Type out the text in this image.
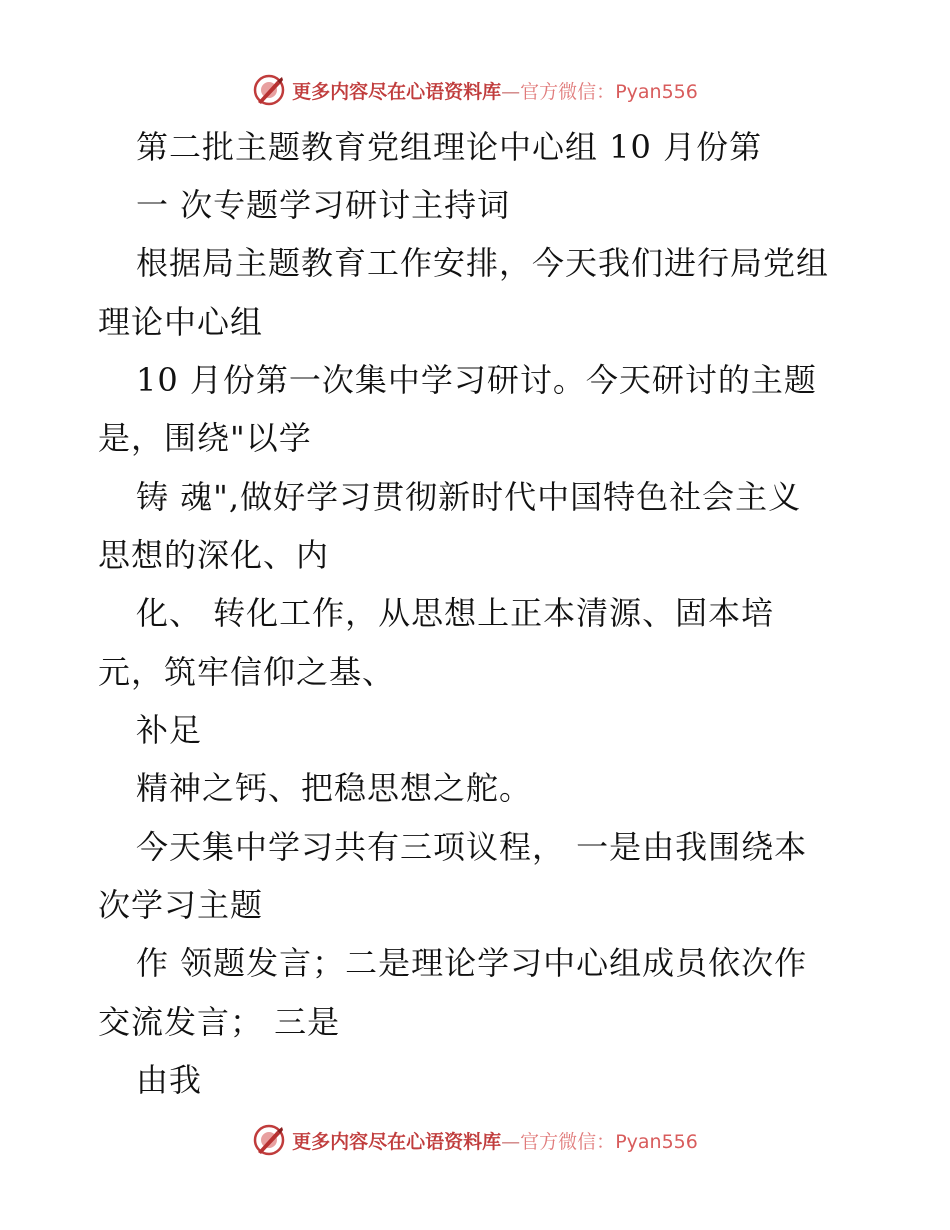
更多内容尽在心语资料库—官方微信：Pyan556
第二批主题教育党组理论中心组 10 月份第
一 次专题学习研讨主持词
根据局主题教育工作安排，今天我们进行局党组
理论中心组
10 月份第一次集中学习研讨。今天研讨的主题
是，围绕"以学
铸 魂",做好学习贯彻新时代中国特色社会主义
思想的深化、内
化、 转化工作，从思想上正本清源、固本培
元，筑牢信仰之基、
补足
精神之钙、把稳思想之舵。
今天集中学习共有三项议程， 一是由我围绕本
次学习主题
作 领题发言；二是理论学习中心组成员依次作
交流发言； 三是
由我
更多内容尽在心语资料库—官方微信：Pyan556
